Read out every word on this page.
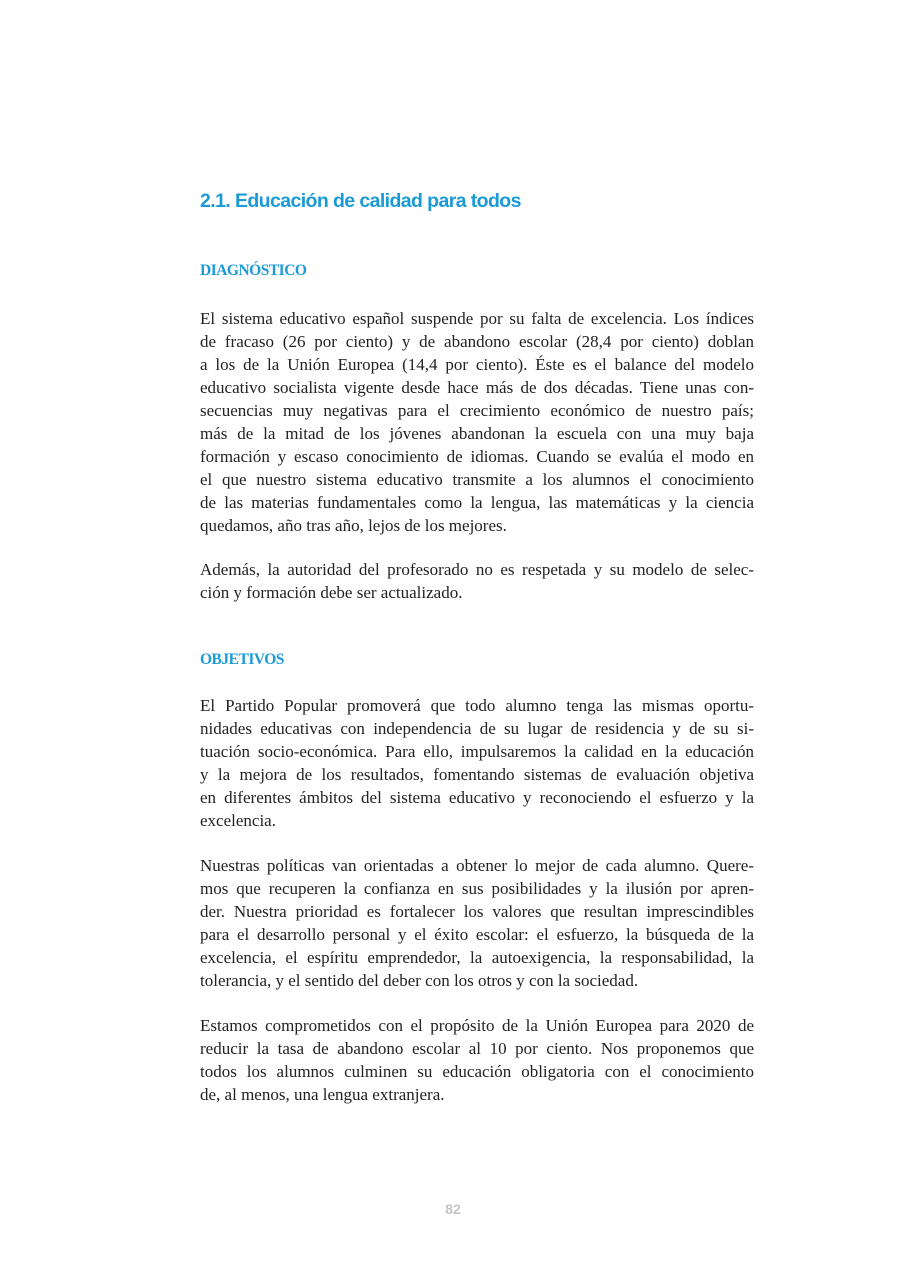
2.1. Educación de calidad para todos
DIAGNÓSTICO
El sistema educativo español suspende por su falta de excelencia. Los índices
de fracaso (26 por ciento) y de abandono escolar (28,4 por ciento) doblan
a los de la Unión Europea (14,4 por ciento). Éste es el balance del modelo
educativo socialista vigente desde hace más de dos décadas. Tiene unas con-
secuencias muy negativas para el crecimiento económico de nuestro país;
más de la mitad de los jóvenes abandonan la escuela con una muy baja
formación y escaso conocimiento de idiomas. Cuando se evalúa el modo en
el que nuestro sistema educativo transmite a los alumnos el conocimiento
de las materias fundamentales como la lengua, las matemáticas y la ciencia
quedamos, año tras año, lejos de los mejores.
Además, la autoridad del profesorado no es respetada y su modelo de selec-
ción y formación debe ser actualizado.
OBJETIVOS
El Partido Popular promoverá que todo alumno tenga las mismas oportu-
nidades educativas con independencia de su lugar de residencia y de su si-
tuación socio-económica. Para ello, impulsaremos la calidad en la educación
y la mejora de los resultados, fomentando sistemas de evaluación objetiva
en diferentes ámbitos del sistema educativo y reconociendo el esfuerzo y la
excelencia.
Nuestras políticas van orientadas a obtener lo mejor de cada alumno. Quere-
mos que recuperen la confianza en sus posibilidades y la ilusión por apren-
der. Nuestra prioridad es fortalecer los valores que resultan imprescindibles
para el desarrollo personal y el éxito escolar: el esfuerzo, la búsqueda de la
excelencia, el espíritu emprendedor, la autoexigencia, la responsabilidad, la
tolerancia, y el sentido del deber con los otros y con la sociedad.
Estamos comprometidos con el propósito de la Unión Europea para 2020 de
reducir la tasa de abandono escolar al 10 por ciento. Nos proponemos que
todos los alumnos culminen su educación obligatoria con el conocimiento
de, al menos, una lengua extranjera.
82
